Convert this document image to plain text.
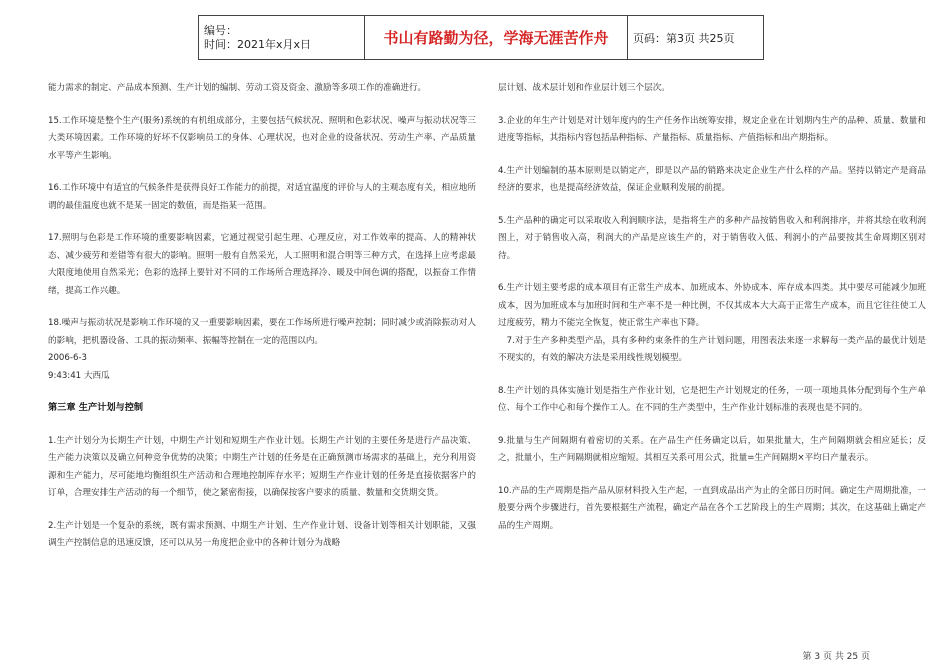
编号：
时间：2021年x月x日	书山有路勤为径，学海无涯苦作舟	页码：第3页 共25页

能力需求的制定、产品成本预测、生产计划的编制、劳动工资及资金、激励等多项工作的准确进行。

15.工作环境是整个生产(服务)系统的有机组成部分，主要包括气候状况、照明和色彩状况、噪声与振动状况等三大类环境因素。工作环境的好坏不仅影响员工的身体、心理状况，也对企业的设备状况、劳动生产率、产品质量水平等产生影响。

16.工作环境中有适宜的气候条件是获得良好工作能力的前提，对适宜温度的评价与人的主观态度有关，相应地所谓的最佳温度也就不是某一固定的数值，而是指某一范围。

17.照明与色彩是工作环境的重要影响因素，它通过视觉引起生理、心理反应，对工作效率的提高、人的精神状态、减少疲劳和差错等有很大的影响。照明一般有自然采光，人工照明和混合明等三种方式，在选择上应考虑最大限度地使用自然采光；色彩的选择上要针对不同的工作场所合理选择冷、暖及中间色调的搭配，以振奋工作情绪，提高工作兴趣。

18.噪声与振动状况是影响工作环境的又一重要影响因素，要在工作场所进行噪声控制；同时减少或消除振动对人的影响，把机器设备、工具的振动频率、振幅等控制在一定的范围以内。

2006-6-3
9:43:41 大西瓜
第三章 生产计划与控制

1.生产计划分为长期生产计划，中期生产计划和短期生产作业计划。长期生产计划的主要任务是进行产品决策、生产能力决策以及确立何种竞争优势的决策；中期生产计划的任务是在正确预测市场需求的基础上，充分利用资源和生产能力，尽可能地均衡组织生产活动和合理地控制库存水平；短期生产作业计划的任务是直接依据客户的订单，合理安排生产活动的每一个细节，使之紧密衔接，以确保按客户要求的质量、数量和交货期交货。

2.生产计划是一个复杂的系统，既有需求预测、中期生产计划、生产作业计划、设备计划等相关计划职能，又强调生产控制信息的迅速反馈，还可以从另一角度把企业中的各种计划分为战略

层计划、战术层计划和作业层计划三个层次。

3.企业的年生产计划是对计划年度内的生产任务作出统筹安排，规定企业在计划期内生产的品种、质量、数量和进度等指标，其指标内容包括品种指标、产量指标、质量指标、产值指标和出产期指标。

4.生产计划编制的基本原则是以销定产，即是以产品的销路来决定企业生产什么样的产品。坚持以销定产是商品经济的要求，也是提高经济效益，保证企业顺利发展的前提。

5.生产品种的确定可以采取收入利润顺序法，是指将生产的多种产品按销售收入和利润排序，并将其绘在收利润图上，对于销售收入高，利润大的产品是应该生产的，对于销售收入低、利润小的产品要按其生命周期区别对待。

6.生产计划主要考虑的成本项目有正常生产成本、加班成本、外协成本、库存成本四类。其中要尽可能减少加班成本，因为加班成本与加班时间和生产率不是一种比例，不仅其成本大大高于正常生产成本，而且它往往使工人过度疲劳，精力不能完全恢复，使正常生产率也下降。

7.对于生产多种类型产品，具有多种约束条件的生产计划问题，用图表法来逐一求解每一类产品的最优计划是不现实的，有效的解决方法是采用线性规划模型。

8.生产计划的具体实施计划是指生产作业计划，它是把生产计划规定的任务，一项一项地具体分配到每个生产单位、每个工作中心和每个操作工人。在不同的生产类型中，生产作业计划标准的表现也是不同的。

9.批量与生产间隔期有着密切的关系。在产品生产任务确定以后，如果批量大，生产间隔期就会相应延长；反之，批量小，生产间隔期就相应缩短。其相互关系可用公式，批量=生产间隔期×平均日产量表示。

10.产品的生产周期是指产品从原材料投入生产起，一直到成品出产为止的全部日历时间。确定生产周期批准，一般要分两个步骤进行，首先要根据生产流程，确定产品在各个工艺阶段上的生产周期；其次，在这基础上确定产品的生产周期。

第 3 页 共 25 页
